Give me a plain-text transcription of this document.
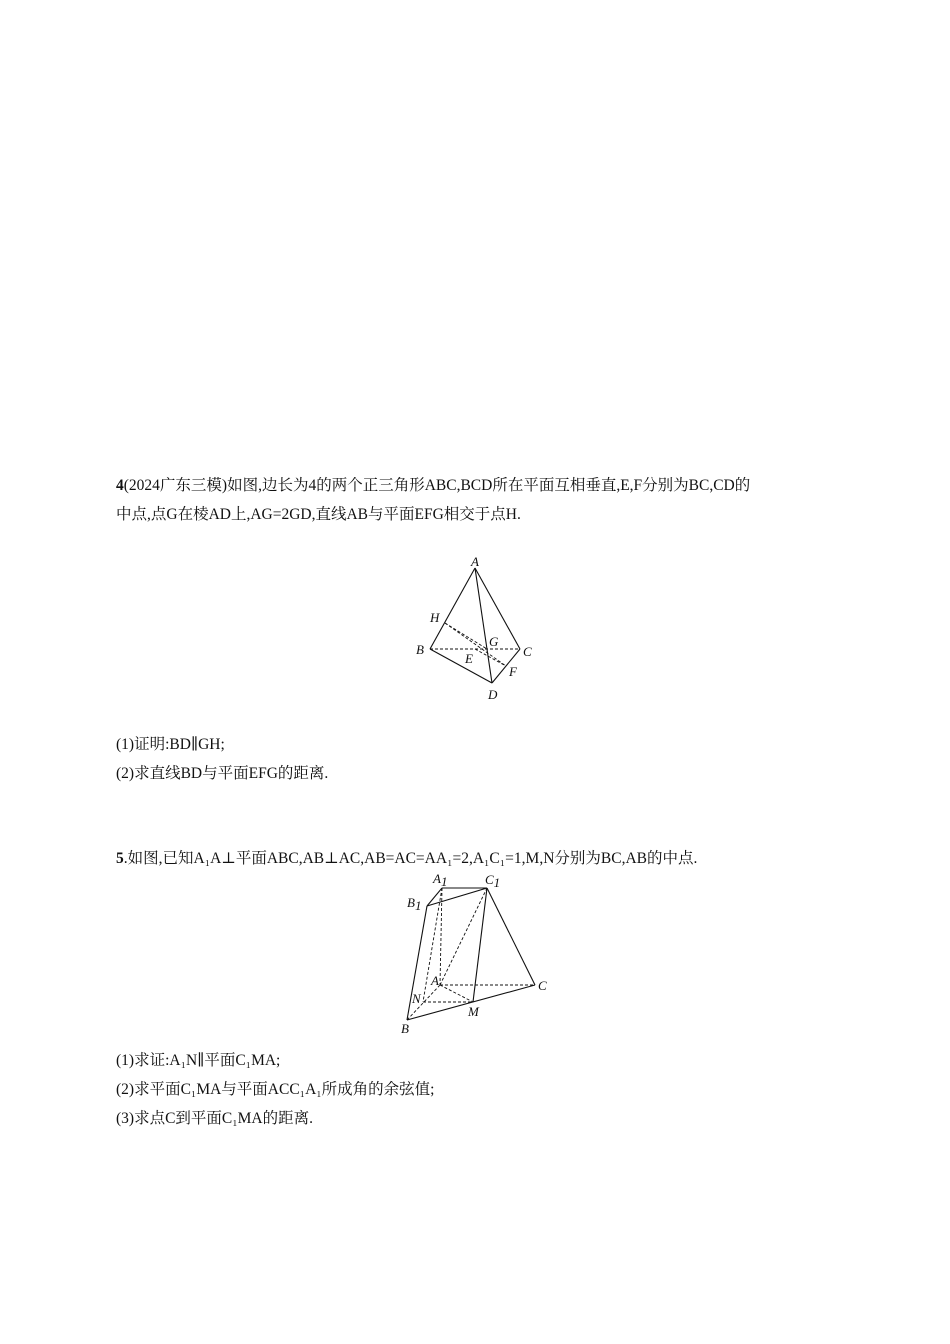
4(2024广东三模)如图,边长为4的两个正三角形ABC,BCD所在平面互相垂直,E,F分别为BC,CD的
中点,点G在棱AD上,AG=2GD,直线AB与平面EFG相交于点H.
A
H
B
G
C
E
F
D
(1)证明:BD∥GH;
(2)求直线BD与平面EFG的距离.
5.如图,已知A₁A⊥平面ABC,AB⊥AC,AB=AC=AA₁=2,A₁C₁=1,M,N分别为BC,AB的中点.
A1	C1
B1
A	C
N
M
B
(1)求证:A₁N∥平面C₁MA;
(2)求平面C₁MA与平面ACC₁A₁所成角的余弦值;
(3)求点C到平面C₁MA的距离.
